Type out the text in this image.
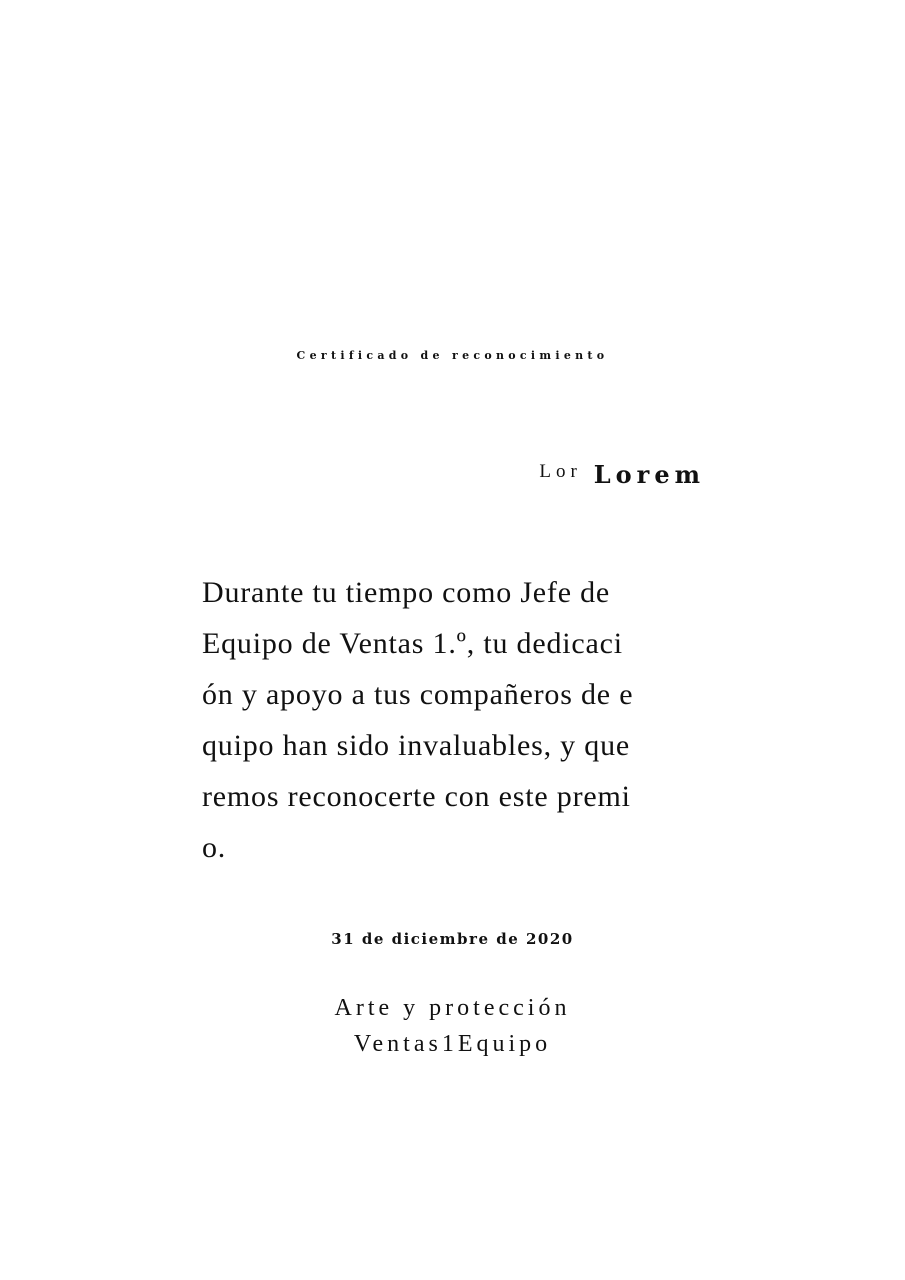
Certificado de reconocimiento
Lor Lorem
Durante tu tiempo como Jefe de
Equipo de Ventas 1.º, tu dedicaci
ón y apoyo a tus compañeros de e
quipo han sido invaluables, y que
remos reconocerte con este premi
o.
31 de diciembre de 2020
Arte y protección
Ventas1Equipo
